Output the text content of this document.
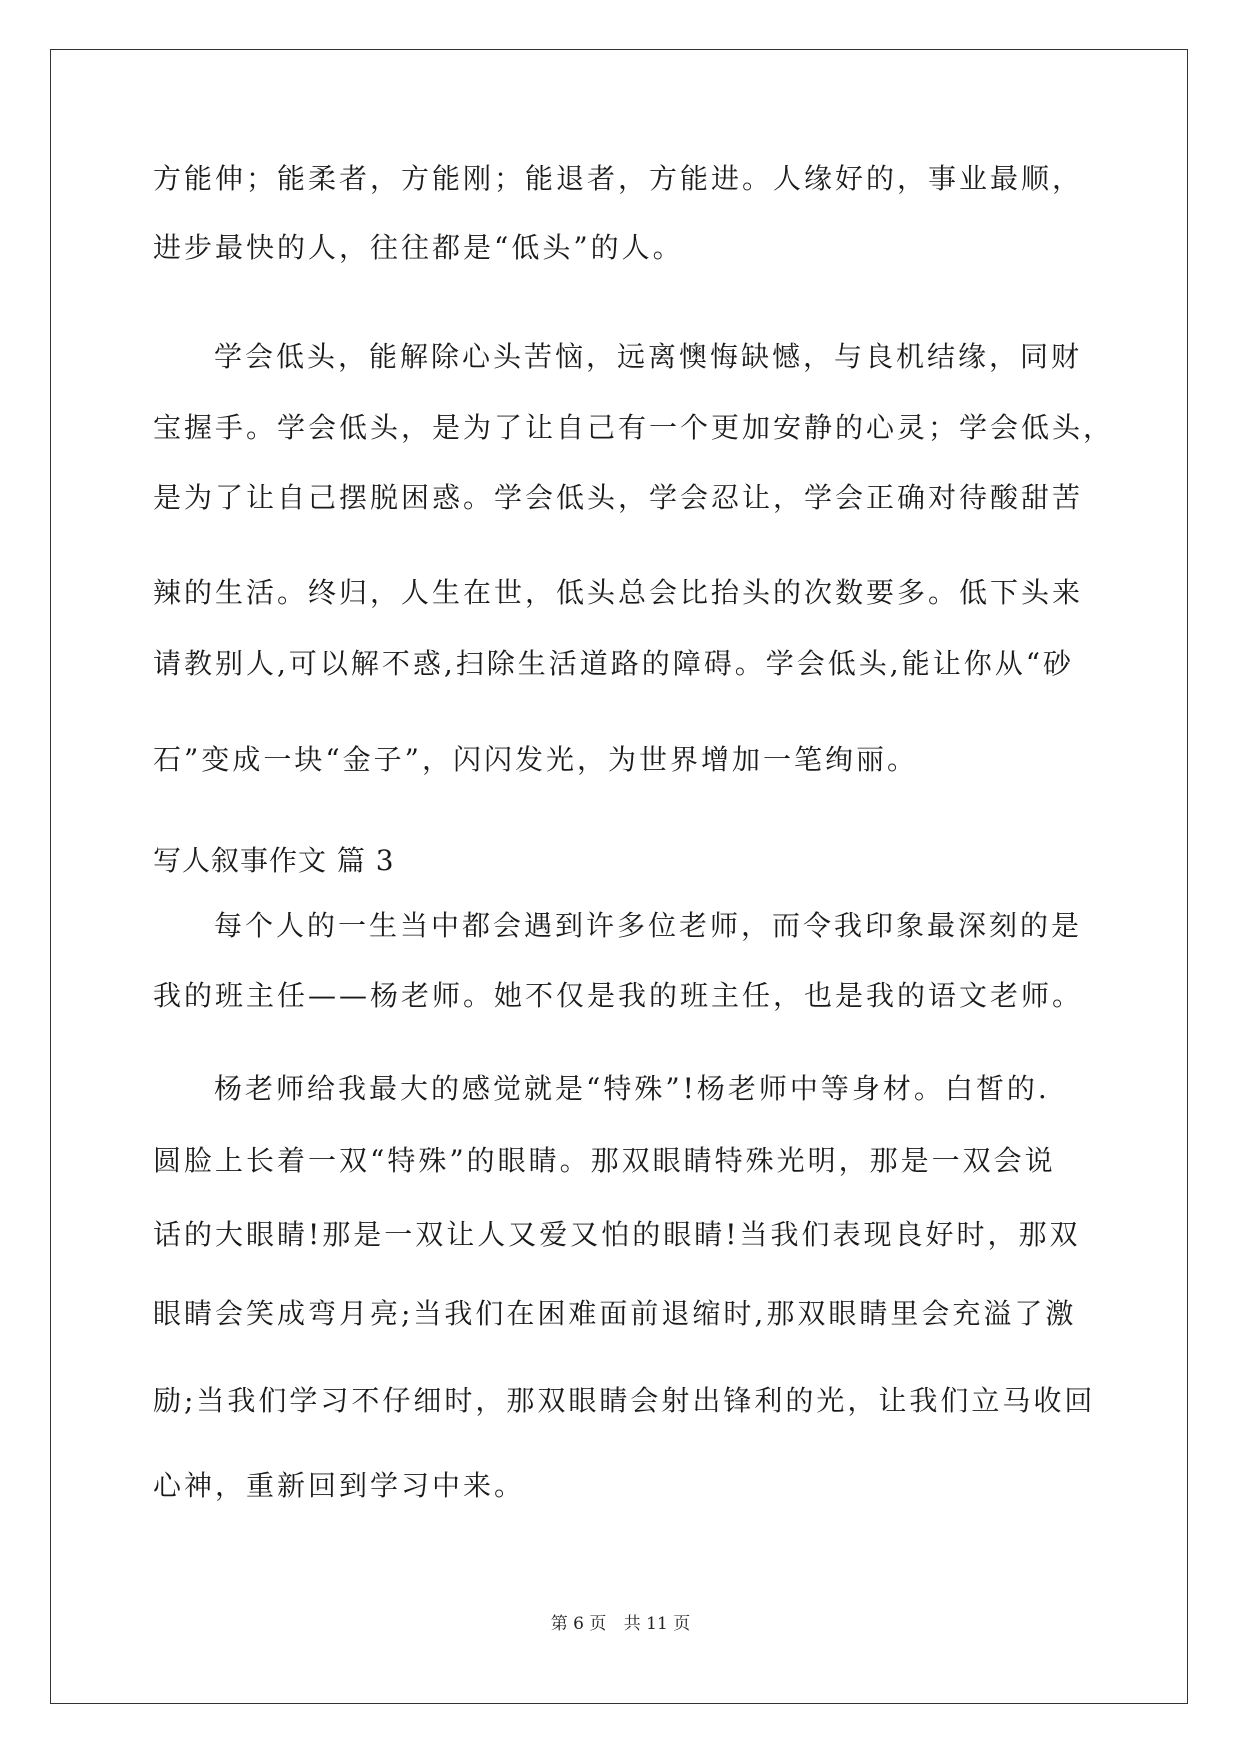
方能伸；能柔者，方能刚；能退者，方能进。人缘好的，事业最顺，
进步最快的人，往往都是“低头”的人。
学会低头，能解除心头苦恼，远离懊悔缺憾，与良机结缘，同财
宝握手。学会低头，是为了让自己有一个更加安静的心灵；学会低头，
是为了让自己摆脱困惑。学会低头，学会忍让，学会正确对待酸甜苦
辣的生活。终归，人生在世，低头总会比抬头的次数要多。低下头来
请教别人,可以解不惑,扫除生活道路的障碍。学会低头,能让你从“砂
石”变成一块“金子”，闪闪发光，为世界增加一笔绚丽。
写人叙事作文 篇 3
每个人的一生当中都会遇到许多位老师，而令我印象最深刻的是
我的班主任——杨老师。她不仅是我的班主任，也是我的语文老师。
杨老师给我最大的感觉就是“特殊”!杨老师中等身材。白皙的.
圆脸上长着一双“特殊”的眼睛。那双眼睛特殊光明，那是一双会说
话的大眼睛!那是一双让人又爱又怕的眼睛!当我们表现良好时，那双
眼睛会笑成弯月亮;当我们在困难面前退缩时,那双眼睛里会充溢了激
励;当我们学习不仔细时，那双眼睛会射出锋利的光，让我们立马收回
心神，重新回到学习中来。
第 6 页 共 11 页
